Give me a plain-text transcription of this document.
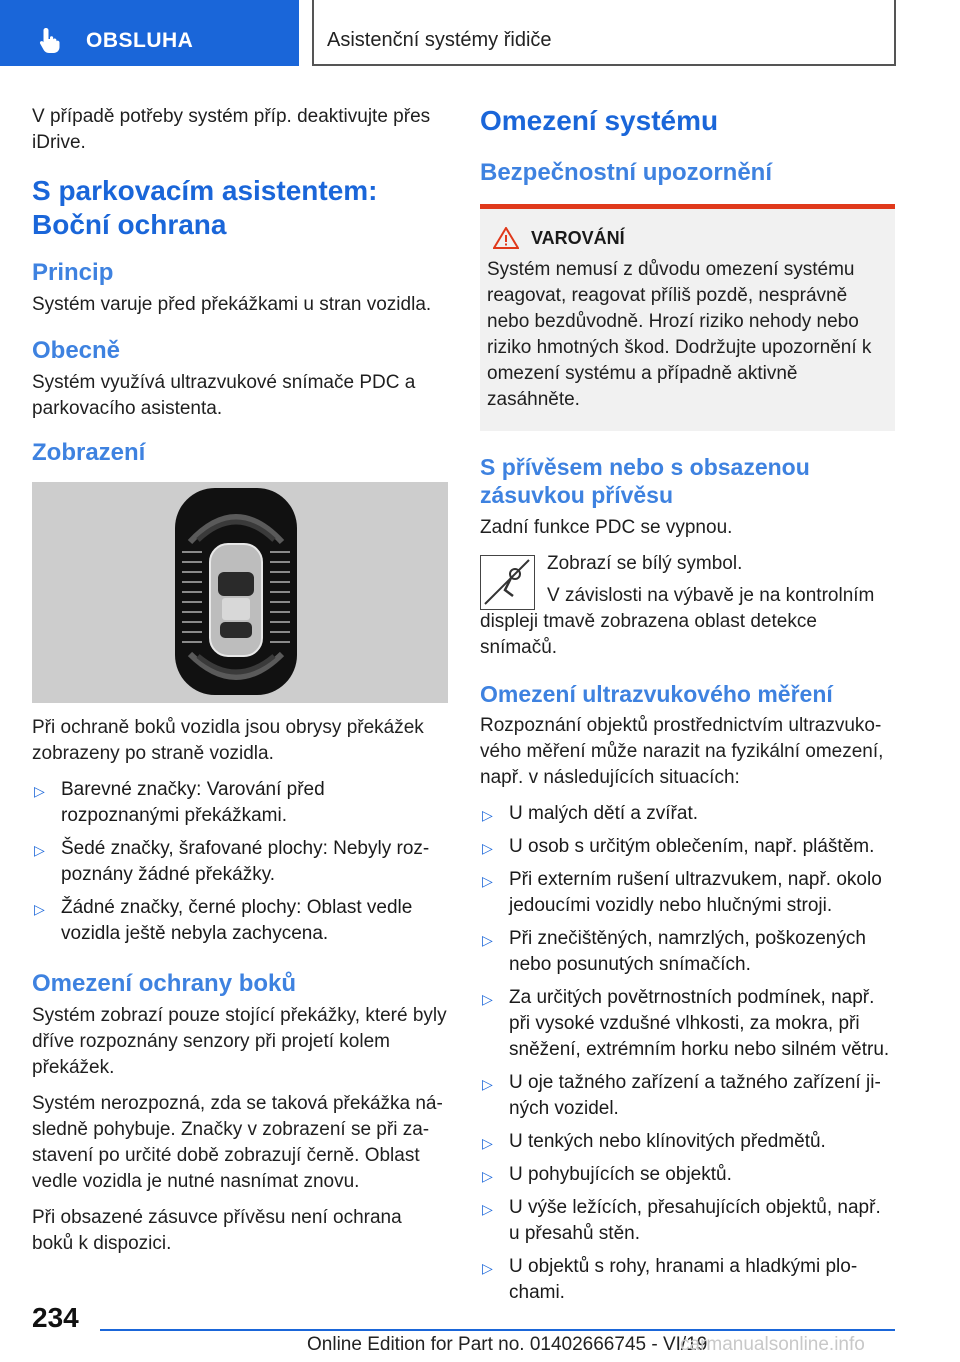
OBSLUHA	Asistenční systémy řidiče

V případě potřeby systém příp. deaktivujte přes iDrive.

S parkovacím asistentem: Boční ochrana
Princip

Systém varuje před překážkami u stran vozidla.

Obecně

Systém využívá ultrazvukové snímače PDC a parkovacího asistenta.

Zobrazení

Při ochraně boků vozidla jsou obrysy překážek zobrazeny po straně vozidla.

▷ Barevné značky: Varování před rozpoznanými překážkami.
▷ Šedé značky, šrafované plochy: Nebyly rozpoznány žádné překážky.
▷ Žádné značky, černé plochy: Oblast vedle vozidla ještě nebyla zachycena.
Omezení ochrany boků

Systém zobrazí pouze stojící překážky, které byly dříve rozpoznány senzory při projetí kolem překážek.

Systém nerozpozná, zda se taková překážka následně pohybuje. Značky v zobrazení se při zastavení po určité době zobrazují černě. Oblast vedle vozidla je nutné nasnímat znovu.

Při obsazené zásuvce přívěsu není ochrana boků k dispozici.

Omezení systému
Bezpečnostní upozornění
VAROVÁNÍ

Systém nemusí z důvodu omezení systému reagovat, reagovat příliš pozdě, nesprávně nebo bezdůvodně. Hrozí riziko nehody nebo riziko hmotných škod. Dodržujte upozornění k omezení systému a případně aktivně zasáhněte.

S přívěsem nebo s obsazenou zásuvkou přívěsu

Zadní funkce PDC se vypnou.

Zobrazí se bílý symbol.

V závislosti na výbavě je na kontrolním displeji tmavě zobrazena oblast detekce snímačů.

Omezení ultrazvukového měření

Rozpoznání objektů prostřednictvím ultrazvukového měření může narazit na fyzikální omezení, např. v následujících situacích:

▷ U malých dětí a zvířat.
▷ U osob s určitým oblečením, např. pláštěm.
▷ Při externím rušení ultrazvukem, např. okolo jedoucími vozidly nebo hlučnými stroji.
▷ Při znečištěných, namrzlých, poškozených nebo posunutých snímačích.
▷ Za určitých povětrnostních podmínek, např. při vysoké vzdušné vlhkosti, za mokra, při sněžení, extrémním horku nebo silném větru.
▷ U oje tažného zařízení a tažného zařízení jiných vozidel.
▷ U tenkých nebo klínovitých předmětů.
▷ U pohybujících se objektů.
▷ U výše ležících, přesahujících objektů, např. u přesahů stěn.
▷ U objektů s rohy, hranami a hladkými plochami.
234
Online Edition for Part no. 01402666745 - VI/19
carmanualsonline.info
